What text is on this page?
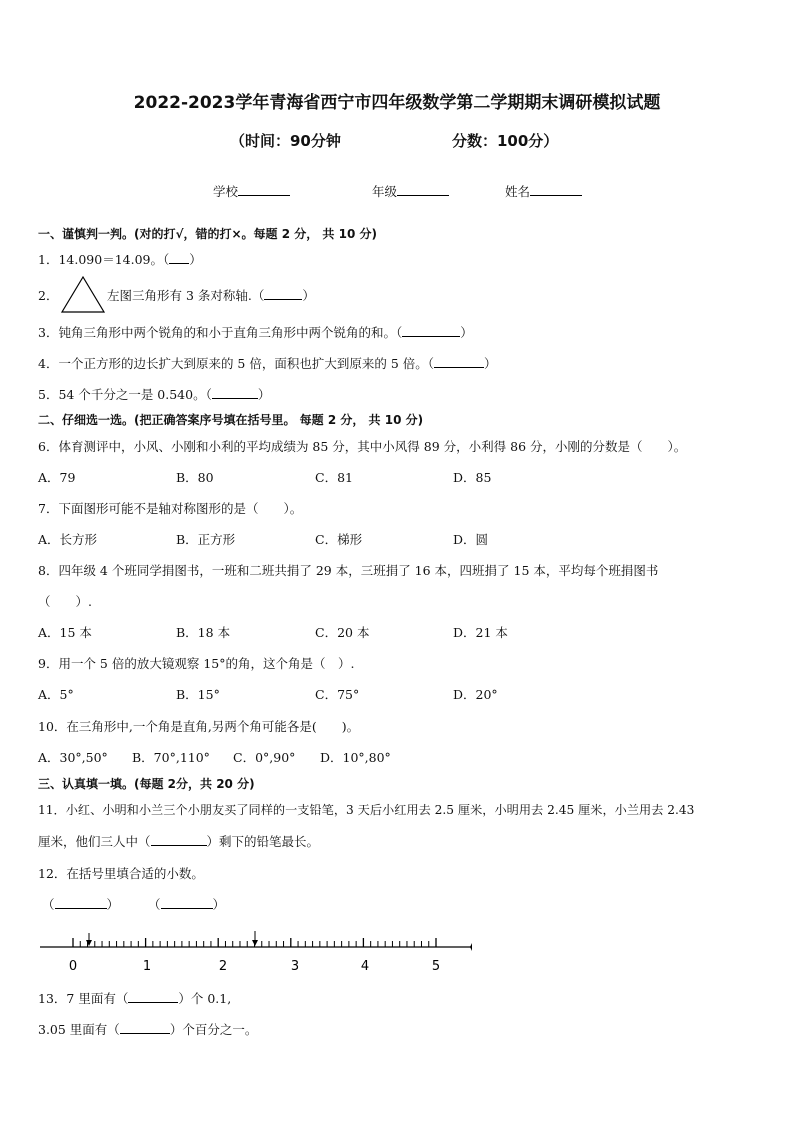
2022-2023学年青海省西宁市四年级数学第二学期期末调研模拟试题
（时间：90分钟	分数：100分）
学校	年级	姓名
一、谨慎判一判。(对的打√，错的打×。每题 2 分， 共 10 分)
1．14.090＝14.09。（ ）
2．	左图三角形有 3 条对称轴.（	）
3．钝角三角形中两个锐角的和小于直角三角形中两个锐角的和。（	）
4．一个正方形的边长扩大到原来的 5 倍，面积也扩大到原来的 5 倍。（	）
5．54 个千分之一是 0.540。（	）
二、仔细选一选。(把正确答案序号填在括号里。 每题 2 分， 共 10 分)
6．体育测评中，小风、小刚和小利的平均成绩为 85 分，其中小风得 89 分，小利得 86 分，小刚的分数是（　　）。
A．79	B．80	C．81	D．85
7．下面图形可能不是轴对称图形的是（　　）。
A．长方形	B．正方形	C．梯形	D．圆
8．四年级 4 个班同学捐图书，一班和二班共捐了 29 本，三班捐了 16 本，四班捐了 15 本，平均每个班捐图书
（　　）.
A．15 本	B．18 本	C．20 本	D．21 本
9．用一个 5 倍的放大镜观察 15°的角，这个角是（　）.
A．5°	B．15°	C．75°	D．20°
10．在三角形中,一个角是直角,另两个角可能各是(　　)。
A．30°,50° B．70°,110° C．0°,90° D．10°,80°
三、认真填一填。(每题 2分，共 20 分)
11．小红、小明和小兰三个小朋友买了同样的一支铅笔，3 天后小红用去 2.5 厘米，小明用去 2.45 厘米，小兰用去 2.43
厘米，他们三人中（	）剩下的铅笔最长。
12．在括号里填合适的小数。
（	） （	）
0	1	2	3	4	5
13．7 里面有（	）个 0.1,
3.05 里面有（	）个百分之一。
